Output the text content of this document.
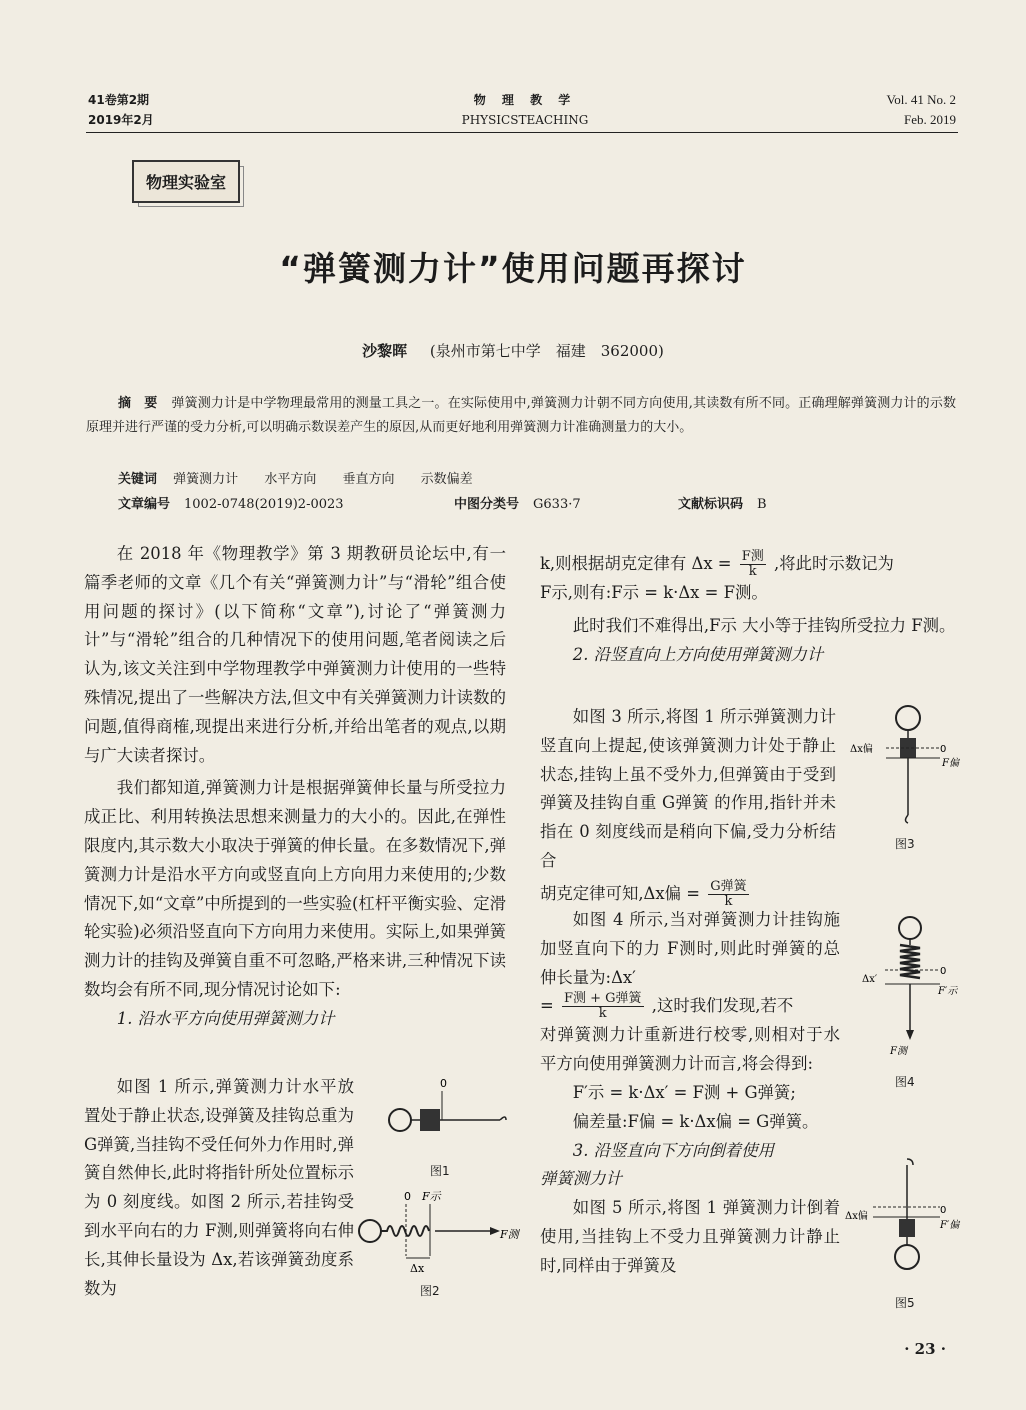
41卷第2期
2019年2月
物 理 教 学
PHYSICSTEACHING
Vol. 41 No. 2
Feb. 2019
物理实验室
“弹簧测力计”使用问题再探讨
沙黎晖 (泉州市第七中学　福建　362000)
摘　要 弹簧测力计是中学物理最常用的测量工具之一。在实际使用中,弹簧测力计朝不同方向使用,其读数有所不同。正确理解弹簧测力计的示数原理并进行严谨的受力分析,可以明确示数误差产生的原因,从而更好地利用弹簧测力计准确测量力的大小。
关键词 弹簧测力计 水平方向 垂直方向 示数偏差
文章编号 1002-0748(2019)2-0023	中图分类号 G633·7	文献标识码 B

在 2018 年《物理教学》第 3 期教研员论坛中,有一篇季老师的文章《几个有关“弹簧测力计”与“滑轮”组合使用问题的探讨》(以下简称“文章”),讨论了“弹簧测力计”与“滑轮”组合的几种情况下的使用问题,笔者阅读之后认为,该文关注到中学物理教学中弹簧测力计使用的一些特殊情况,提出了一些解决方法,但文中有关弹簧测力计读数的问题,值得商榷,现提出来进行分析,并给出笔者的观点,以期与广大读者探讨。

我们都知道,弹簧测力计是根据弹簧伸长量与所受拉力成正比、利用转换法思想来测量力的大小的。因此,在弹性限度内,其示数大小取决于弹簧的伸长量。在多数情况下,弹簧测力计是沿水平方向或竖直向上方向用力来使用的;少数情况下,如“文章”中所提到的一些实验(杠杆平衡实验、定滑轮实验)必须沿竖直向下方向用力来使用。实际上,如果弹簧测力计的挂钩及弹簧自重不可忽略,严格来讲,三种情况下读数均会有所不同,现分情况讨论如下:

1. 沿水平方向使用弹簧测力计

如图 1 所示,弹簧测力计水平放置处于静止状态,设弹簧及挂钩总重为 G弹簧,当挂钩不受任何外力作用时,弹簧自然伸长,此时将指针所处位置标示为 0 刻度线。如图 2 所示,若挂钩受到水平向右的力 F测,则弹簧将向右伸长,其伸长量设为 Δx,若该弹簧劲度系数为

0
图1
0 F示
F测
Δx
图2

k,则根据胡克定律有 $\Delta x = \frac{\text{F测}}{k}$ ,将此时示数记为

F示,则有:F示 = k·Δx = F测。

此时我们不难得出,F示 大小等于挂钩所受拉力 F测。

2. 沿竖直向上方向使用弹簧测力计

如图 3 所示,将图 1 所示弹簧测力计竖直向上提起,使该弹簧测力计处于静止状态,挂钩上虽不受外力,但弹簧由于受到弹簧及挂钩自重 G弹簧 的作用,指针并未指在 0 刻度线而是稍向下偏,受力分析结合

胡克定律可知,Δx偏 = $\frac{\text{G弹簧}}{k}$

Δx偏	0
F偏
图3

如图 4 所示,当对弹簧测力计挂钩施加竖直向下的力 F测时,则此时弹簧的总伸长量为:Δx′

= $\frac{\text{F测 + G弹簧}}{k}$ ,这时我们发现,若不

对弹簧测力计重新进行校零,则相对于水平方向使用弹簧测力计而言,将会得到:

F′示 = k·Δx′ = F测 + G弹簧;

偏差量:F偏 = k·Δx偏 = G弹簧。

3. 沿竖直向下方向倒着使用

弹簧测力计

如图 5 所示,将图 1 弹簧测力计倒着使用,当挂钩上不受力且弹簧测力计静止时,同样由于弹簧及

Δx′
0
F′示
F测
图4
Δx偏
0
F′偏
图5
· 23 ·
